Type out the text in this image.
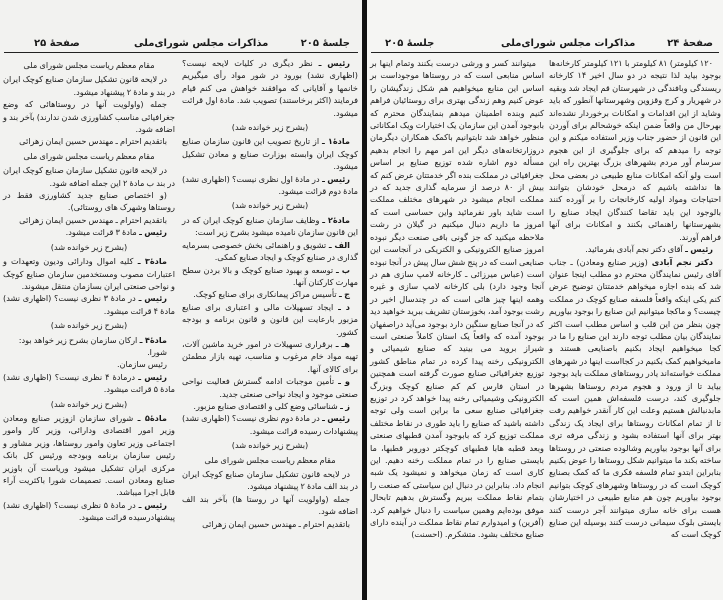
صفحهٔ ۲۵	مذاکرات مجلس شورای‌ملی	جلسهٔ ۲۰۵

مقام معظم ریاست مجلس شورای ملی

در لایحه قانون تشکیل سازمان صنایع کوچک ایران در بند و مادهٔ ۲ پیشنهاد میشود.

جمله (واولویت آنها در روستاهائی که وضع جغرافیائی مناسب کشاورزی شدن ندارند) بآخر بند و اضافه شود.

باتقدیم احترام ـ مهندس حسین ایمان زهرائی

مقام معظم ریاست مجلس شورای ملی

در لایحه قانون تشکیل سازمان صنایع کوچک ایران در بند ب مادهٔ ۲ این جمله اضافه شود.

(و اختصاص صنایع جدید کشاورزی فقط در روستاها وشهرک های روستائی).

باتقدیم احترام ـ مهندس حسین ایمان زهرائی

رئیس ـ مادهٔ ۳ قرائت میشود.

(بشرح زیر خوانده شد)

مادهٔ۳ ـ کلیه اموال ودارائی ودیون وتعهدات و اعتبارات مصوب ومستخدمین سازمان صنایع کوچک و نواحی صنعتی ایران بسازمان منتقل میشوند.

رئیس ـ در مادهٔ ۳ نظری نیست؟ (اظهاری نشد) مادهٔ ۴ قرائت میشود.

(بشرح زیر خوانده شد)

مادهٔ۴ ـ ارکان سازمان بشرح زیر خواهد بود:

شورا.

رئیس سازمان.

رئیس ـ درمادهٔ ۴ نظری نیست؟ (اظهاری نشد) مادهٔ ۵ قرائت میشود.

(بشرح زیر خوانده شد)

مادهٔ۵ ـ شورای سازمان ازوزیر صنایع ومعادن وزیر امور اقتصادی ودارائی، وزیر کار وامور اجتماعی وزیر تعاون وامور روستاها، وزیر مشاور و رئیس سازمان برنامه وبودجه ورئیس کل بانک مرکزی ایران تشکیل میشود وریاست آن باوزیر صنایع ومعادن است. تصمیمات شورا باکثریت آراء قابل اجرا میباشد.

رئیس ـ در مادهٔ ۵ نظری نیست؟ (اظهاری نشد) پیشنهادرسیده قرائت میشود.

رئیس ـ نظر دیگری در کلیات لایحه نیست؟ (اظهاری نشد) بورود در شور مواد رأی میگیریم خانمها و آقایانی که موافقند خواهش می کنم قیام فرمایند (اکثر برخاستند) تصویب شد. مادهٔ اول قرائت میشود.

(بشرح زیر خوانده شد)

مادهٔ۱ ـ از تاریخ تصویب این قانون سازمان صنایع کوچک ایران وابسته بوزارت صنایع و معادن تشکیل میشود.

رئیس ـ در مادهٔ اول نظری نیست؟ (اظهاری نشد) مادهٔ دوم قرائت میشود.

(بشرح زیر خوانده شد)

مادهٔ۲ ـ وظایف سازمان صنایع کوچک ایران که در این قانون سازمان نامیده میشود بشرح زیر است:

الف ـ تشویق و راهنمائی بخش خصوصی بسرمایه گذاری در صنایع کوچک و ایجاد صنایع کمکی.

ب ـ توسعه و بهبود صنایع کوچک و بالا بردن سطح مهارت کارکنان آنها.

ج ـ تأسیس مراکز پیمانکاری برای صنایع کوچک.

د ـ ایجاد تسهیلات مالی و اعتباری برای صنایع مزبور بارعایت این قانون و قانون برنامه و بودجه کشور.

هـ ـ برقراری تسهیلات در امور خرید ماشین آلات، تهیه مواد خام مرغوب و مناسب، تهیه بازار مطمئن برای کالای آنها.

و ـ تأمین موجبات ادامه گسترش فعالیت نواحی صنعتی موجود و ایجاد نواحی صنعتی جدید.

ز ـ شناسائی وضع کلی و اقتصادی صنایع مزبور.

رئیس ـ در مادهٔ دوم نظری نیست؟ (اظهاری نشد) پیشنهادات رسیده قرائت میشود.

(بشرح زیر خوانده شد)

مقام معظم ریاست مجلس شورای ملی

در لایحه قانون تشکیل سازمان صنایع کوچک ایران در بند الف مادهٔ ۲ پیشنهاد میشود.

جمله (واولویت آنها در روستا ها) بآخر بند الف اضافه شود.

باتقدیم احترام ـ مهندس حسین ایمان زهرائی

جلسهٔ ۲۰۵	مذاکرات مجلس شورای‌ملی	صفحهٔ ۲۴

میتوانند کسر و ورشی درست بکنند وتمام اینها بر اساس منابعی است که در روستاها موجوداست بر اساس این منابع میخواهیم هم شکل زندگیشان را عوض کنیم وهم زندگی بهتری برای روستائیان فراهم کنیم وبنده اطمینان میدهم بنمایندگان محترم که بابوجود آمدن این سازمان یک اختیارات ویک امکاناتی منظور خواهد شد تابتوانیم باکمک همکاران دیگرمان دروزارتخانه‌های دیگر این امر مهم را انجام بدهیم مسأله دوم اشاره شده توزیع صنایع بر اساس جغرافیائی در مملکت بنده اگر خدمتتان عرض کنم که بیش از ۸۰ درصد از سرمایه گذاری جدید که در مملکت انجام میشود در شهرهای مختلف مملکت است شاید باور نفرمائید واین حساسی است که امروز ما داریم دنبال میکنیم در گیلان در رشت ملاحظه میکنید که جز گونی بافی صنعت دیگر نبوده امروز صنایع الکترونیکی و الکتریکی در آنجاست این صنایعی است که در پنج شش سال پیش در آنجا نبوده است (عباس میرزائی ـ کارخانه لامپ سازی هم در آنجا وجود دارد) بلی کارخانه لامپ سازی و غیره وهمه اینها چیز هائی است که در چندسال اخیر در رشت بوجود آمد، بخوزستان تشریف ببرید خواهید دید که در آنجا صنایع سنگین دارد بوجود می‌آید دراصفهان بوجود آمده که واقعاً یک استان کاملاً صنعتی است شیراز بروید می بینید که صنایع شیمیائی و الکترونیکی رخنه پیدا کرده در تمام مناطق کشور توزیع جغرافیائی صنایع صورت گرفته است همچنین در استان فارس کم کم صنایع کوچک وبزرگ الکترونیکی وشیمیائی رخنه پیدا خواهد کرد در توزیع جغرافیائی صنایع سعی ما براین است ولی توجه داشته باشید که صنایع را باید طوری در نقاط مختلف مملکت توزیع کرد که بابوجود آمدن قطبهای صنعتی وبعد قطبه هابا قطبهای کوچکتر دوروبر قطبها، ما بایستی صنایع را در تمام مملکت رخنه دهیم. این کاری است که زمان میخواهد و نمیشود یک شبه انجام داد. بنابراین در دنبال این سیاستی که صنعت را بتمام نقاط مملکت ببریم وگسترش بدهیم تابحال موفق بوده‌ایم وهمین سیاست را دنبال خواهیم کرد. (آفرین) و امیدوارم تمام نقاط مملکت در آینده دارای صنایع مختلف بشود. متشکرم. (احسنت)

۱۲۰ کیلومتر) ۸۱ کیلومتر با ۱۲۱ کیلومتر کارخانه‌ها بوجود بیاید لذا نتیجه در دو سال اخیر ۱۴ کارخانه ریسندگی وبافندگی در شهرستان قم ایجاد شد وبقیه در شهریار و کرج وقزوین وشهرستانها آنطور که باید وشاید از این اقدامات و امکانات برخوردار نشده‌اند بهرحال من واقعاً ضمن اینکه خوشحالم برای آوردن این قانون از حضور جناب وزیر استفاده میکنم و این توجه را میدهم که برای جلوگیری از این هجوم سرسام آور مردم بشهرهای بزرگ بهترین راه این است ولو آنکه امکانات منابع طبیعی در بعضی محل ها نداشته باشیم که درمحل خودشان بتوانند احتیاجات ومواد اولیه کارخانجات را بر آورده کنند بالوجود این باید تقاضا کنندگان ایجاد صنایع را بشهرستانها راهنمائی بکنند و امکانات برای آنها فراهم آورند.

رئیس ـ آقای دکتر نجم آبادی بفرمائید.

دکتر نجم آبادی (وزیر صنایع ومعادن) ـ جناب آقای رئیس نمایندگان محترم دو مطلب اینجا عنوان شد که بنده اجازه میخواهم خدمتتان توضیح عرض کنم یکی اینکه واقعاً فلسفه صنایع کوچک در مملکت چیست؟ و ماکجا میتوانیم این صنایع را بوجود بیاوریم چون بنظر من این قلب و اساس مطلب است اکثر نمایندگان بیان مطلب توجه دارند این صنایع را ما در کجا میخواهیم ایجاد بکنیم باصنایعی هستند و مامیخواهیم کمک بکنیم در کجااست اینها در شهرهای مملکت خواسته‌اند یادر روستاهای مملکت باید بوجود بیاید تا از ورود و هجوم مردم روستاها بشهرها جلوگیری کند، درست فلسفه‌اش همین است که مابدنبالش هستیم وعلت این کار آنقدر خواهیم رفت تا از تمام امکانات روستاها برای ایجاد یک زندگی بهتر برای آنها استفاده بشود و زندگی مرفه تری برای آنها بوجود بیاوریم وشالوده صنعتی در روستاها ساخته بکند ما میتوانیم شکل روستاها را عوض بکنیم بنابراین ابتدو تمام فلسفه فکری ما که کمک بصنایع کوچک است که در روستاها وشهرهای کوچک بتوانیم بوجود بیاوریم چون هم منابع طبیعی در اختیارشان هست برای خانه سازی میتوانند آجر درست کنند بایستی بلوک سیمانی درست کنند بوسیله این صنایع کوچک است که
